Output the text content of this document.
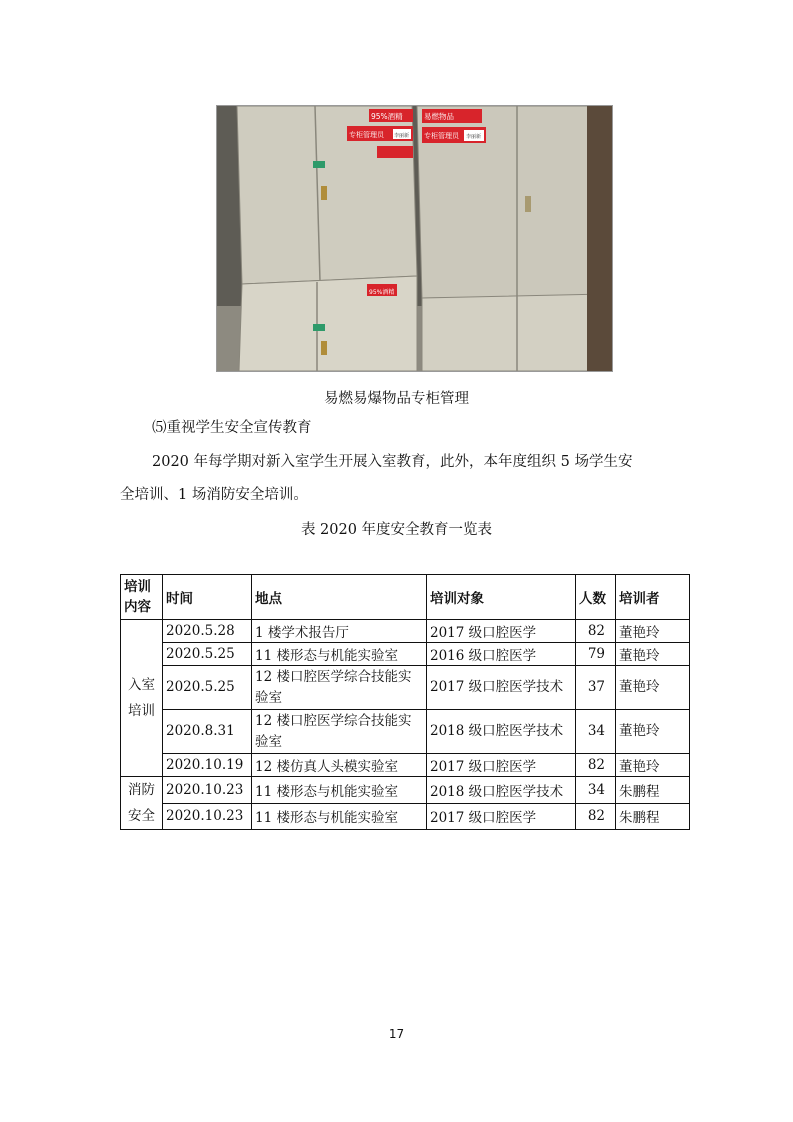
95%酒精	易燃物品
专柜管理员	专柜管理员
95%酒精
李丽新	李丽新
易燃易爆物品专柜管理
⑸重视学生安全宣传教育
2020 年每学期对新入室学生开展入室教育，此外，本年度组织 5 场学生安
全培训、1 场消防安全培训。
表 2020 年度安全教育一览表
培训内容	时间	地点	培训对象	人数	培训者
入室培训	2020.5.28	1 楼学术报告厅	2017 级口腔医学	82	董艳玲
	2020.5.25	11 楼形态与机能实验室	2016 级口腔医学	79	董艳玲
	2020.5.25	12 楼口腔医学综合技能实验室	2017 级口腔医学技术	37	董艳玲
	2020.8.31	12 楼口腔医学综合技能实验室	2018 级口腔医学技术	34	董艳玲
	2020.10.19	12 楼仿真人头模实验室	2017 级口腔医学	82	董艳玲
消防安全	2020.10.23	11 楼形态与机能实验室	2018 级口腔医学技术	34	朱鹏程
	2020.10.23	11 楼形态与机能实验室	2017 级口腔医学	82	朱鹏程
17
